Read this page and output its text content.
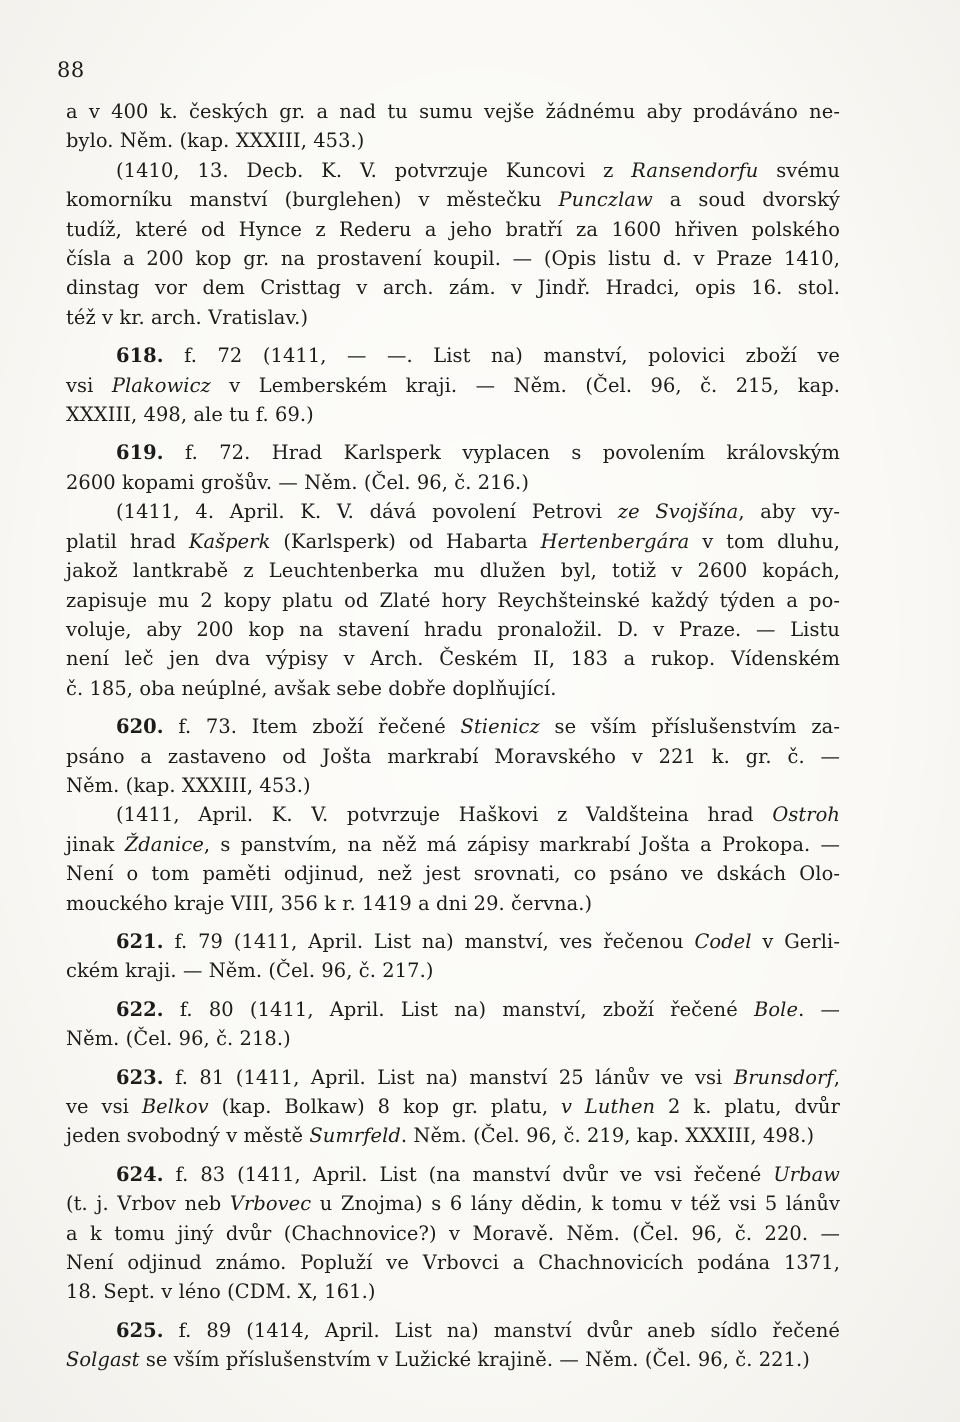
88
a v 400 k. českých gr. a nad tu sumu vejše žádnému aby prodáváno ne-
bylo. Něm. (kap. XXXIII, 453.)
(1410, 13. Decb. K. V. potvrzuje Kuncovi z Ransendorfu svému
komorníku manství (burglehen) v městečku Punczlaw a soud dvorský
tudíž, které od Hynce z Rederu a jeho bratří za 1600 hřiven polského
čísla a 200 kop gr. na prostavení koupil. — (Opis listu d. v Praze 1410,
dinstag vor dem Cristtag v arch. zám. v Jindř. Hradci, opis 16. stol.
též v kr. arch. Vratislav.)
618. f. 72 (1411, — —. List na) manství, polovici zboží ve
vsi Plakowicz v Lemberském kraji. — Něm. (Čel. 96, č. 215, kap.
XXXIII, 498, ale tu f. 69.)
619. f. 72. Hrad Karlsperk vyplacen s povolením královským
2600 kopami grošův. — Něm. (Čel. 96, č. 216.)
(1411, 4. April. K. V. dává povolení Petrovi ze Svojšína, aby vy-
platil hrad Kašperk (Karlsperk) od Habarta Hertenbergára v tom dluhu,
jakož lantkrabě z Leuchtenberka mu dlužen byl, totiž v 2600 kopách,
zapisuje mu 2 kopy platu od Zlaté hory Reychšteinské každý týden a po-
voluje, aby 200 kop na stavení hradu pronaložil. D. v Praze. — Listu
není leč jen dva výpisy v Arch. Českém II, 183 a rukop. Vídenském
č. 185, oba neúplné, avšak sebe dobře doplňující.
620. f. 73. Item zboží řečené Stienicz se vším příslušenstvím za-
psáno a zastaveno od Jošta markrabí Moravského v 221 k. gr. č. —
Něm. (kap. XXXIII, 453.)
(1411, April. K. V. potvrzuje Haškovi z Valdšteina hrad Ostroh
jinak Ždanice, s panstvím, na něž má zápisy markrabí Jošta a Prokopa. —
Není o tom paměti odjinud, než jest srovnati, co psáno ve dskách Olo-
mouckého kraje VIII, 356 k r. 1419 a dni 29. června.)
621. f. 79 (1411, April. List na) manství, ves řečenou Codel v Gerli-
ckém kraji. — Něm. (Čel. 96, č. 217.)
622. f. 80 (1411, April. List na) manství, zboží řečené Bole. —
Něm. (Čel. 96, č. 218.)
623. f. 81 (1411, April. List na) manství 25 lánův ve vsi Brunsdorf,
ve vsi Belkov (kap. Bolkaw) 8 kop gr. platu, v Luthen 2 k. platu, dvůr
jeden svobodný v městě Sumrfeld. Něm. (Čel. 96, č. 219, kap. XXXIII, 498.)
624. f. 83 (1411, April. List (na manství dvůr ve vsi řečené Urbaw
(t. j. Vrbov neb Vrbovec u Znojma) s 6 lány dědin, k tomu v též vsi 5 lánův
a k tomu jiný dvůr (Chachnovice?) v Moravě. Něm. (Čel. 96, č. 220. —
Není odjinud známo. Popluží ve Vrbovci a Chachnovicích podána 1371,
18. Sept. v léno (CDM. X, 161.)
625. f. 89 (1414, April. List na) manství dvůr aneb sídlo řečené
Solgast se vším příslušenstvím v Lužické krajině. — Něm. (Čel. 96, č. 221.)
